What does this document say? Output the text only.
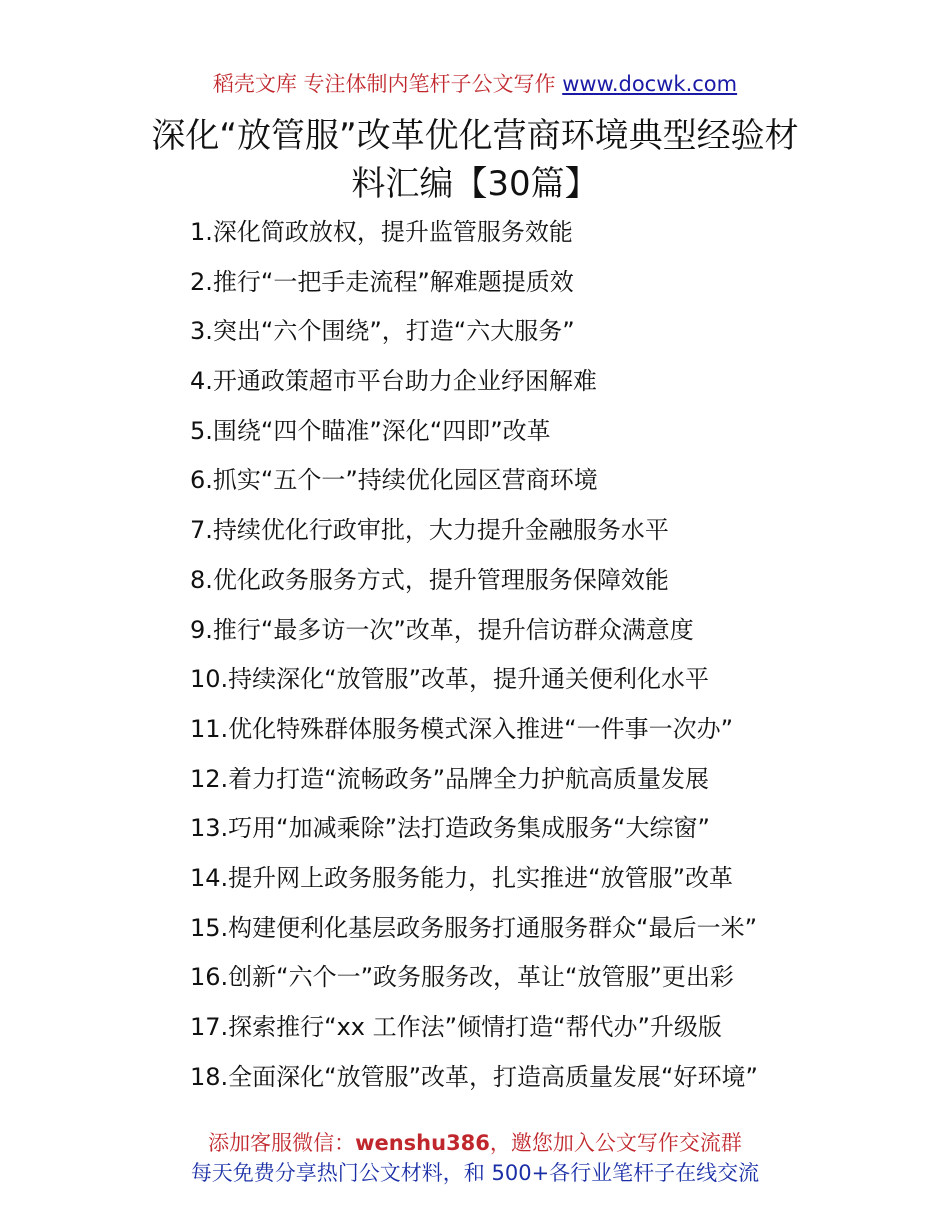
稻壳文库 专注体制内笔杆子公文写作 www.docwk.com
深化“放管服”改革优化营商环境典型经验材
料汇编【30篇】
1.深化简政放权，提升监管服务效能
2.推行“一把手走流程”解难题提质效
3.突出“六个围绕”，打造“六大服务”
4.开通政策超市平台助力企业纾困解难
5.围绕“四个瞄准”深化“四即”改革
6.抓实“五个一”持续优化园区营商环境
7.持续优化行政审批，大力提升金融服务水平
8.优化政务服务方式，提升管理服务保障效能
9.推行“最多访一次”改革，提升信访群众满意度
10.持续深化“放管服”改革，提升通关便利化水平
11.优化特殊群体服务模式深入推进“一件事一次办”
12.着力打造“流畅政务”品牌全力护航高质量发展
13.巧用“加减乘除”法打造政务集成服务“大综窗”
14.提升网上政务服务能力，扎实推进“放管服”改革
15.构建便利化基层政务服务打通服务群众“最后一米”
16.创新“六个一”政务服务改，革让“放管服”更出彩
17.探索推行“xx 工作法”倾情打造“帮代办”升级版
18.全面深化“放管服”改革，打造高质量发展“好环境”
添加客服微信：wenshu386，邀您加入公文写作交流群
每天免费分享热门公文材料，和 500+各行业笔杆子在线交流
